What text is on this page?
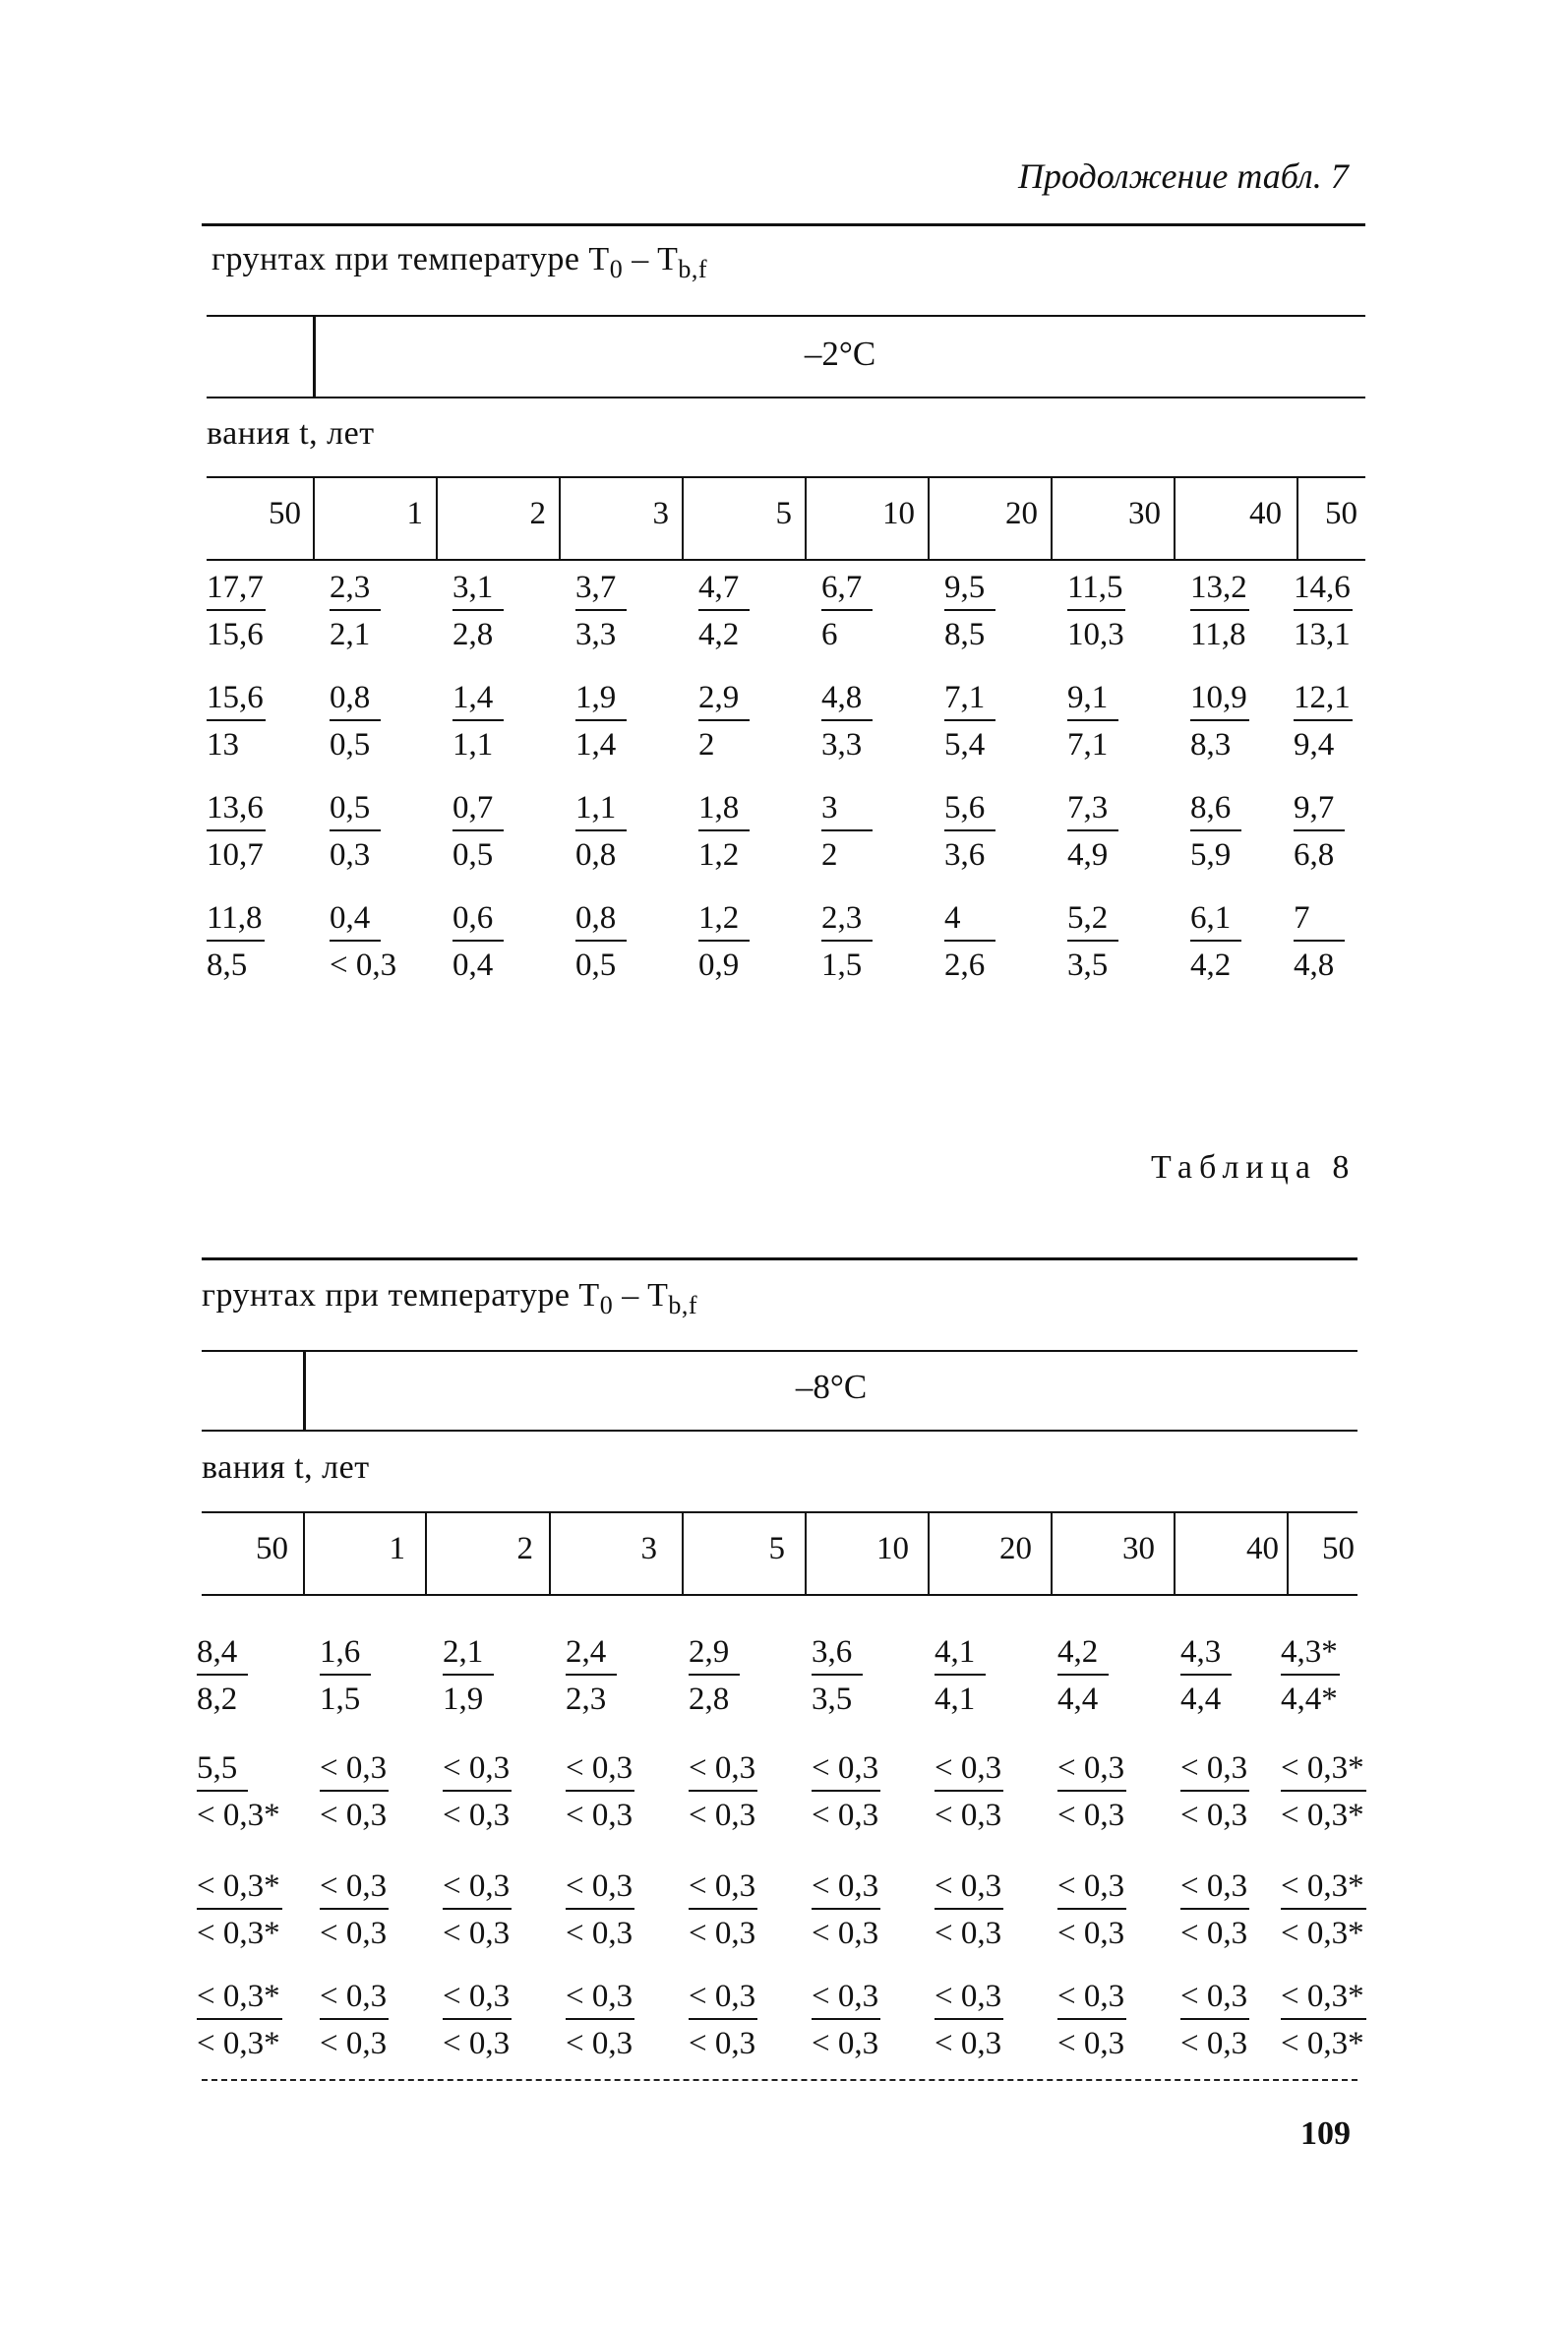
Продолжение табл. 7
грунтах при температуре $T_0 - T_{b,f}$
–2°C
вания t, лет
50	1	2	3	5	10	20	30	40	50
$\frac{17,7}{15,6} \frac{2,3}{2,1} \frac{3,1}{2,8} \frac{3,7}{3,3} \frac{4,7}{4,2} \frac{6,7}{6} \frac{9,5}{8,5} \frac{11,5}{10,3} \frac{13,2}{11,8} \frac{14,6}{13,1}$
$\frac{15,6}{13} \frac{0,8}{0,5} \frac{1,4}{1,1} \frac{1,9}{1,4} \frac{2,9}{2} \frac{4,8}{3,3} \frac{7,1}{5,4} \frac{9,1}{7,1} \frac{10,9}{8,3} \frac{12,1}{9,4}$
$\frac{13,6}{10,7} \frac{0,5}{0,3} \frac{0,7}{0,5} \frac{1,1}{0,8} \frac{1,8}{1,2} \frac{3}{2} \frac{5,6}{3,6} \frac{7,3}{4,9} \frac{8,6}{5,9} \frac{9,7}{6,8}$
$\frac{11,8}{8,5} \frac{0,4}{< 0,3} \frac{0,6}{0,4} \frac{0,8}{0,5} \frac{1,2}{0,9} \frac{2,3}{1,5} \frac{4}{2,6} \frac{5,2}{3,5} \frac{6,1}{4,2} \frac{7}{4,8}$
Таблица 8
грунтах при температуре $T_0 - T_{b,f}$
–8°C
вания t, лет
50	1	2	3	5	10	20	30	40	50
$\frac{8,4}{8,2} \frac{1,6}{1,5} \frac{2,1}{1,9} \frac{2,4}{2,3} \frac{2,9}{2,8} \frac{3,6}{3,5} \frac{4,1}{4,1} \frac{4,2}{4,4} \frac{4,3}{4,4} \frac{4,3*}{4,4*}$
$\frac{5,5}{< 0,3*} \frac{< 0,3}{< 0,3} \frac{< 0,3}{< 0,3} \frac{< 0,3}{< 0,3} \frac{< 0,3}{< 0,3} \frac{< 0,3}{< 0,3} \frac{< 0,3}{< 0,3} \frac{< 0,3}{< 0,3} \frac{< 0,3}{< 0,3} \frac{< 0,3*}{< 0,3*}$
$\frac{< 0,3*}{< 0,3*} \frac{< 0,3}{< 0,3} \frac{< 0,3}{< 0,3} \frac{< 0,3}{< 0,3} \frac{< 0,3}{< 0,3} \frac{< 0,3}{< 0,3} \frac{< 0,3}{< 0,3} \frac{< 0,3}{< 0,3} \frac{< 0,3}{< 0,3} \frac{< 0,3*}{< 0,3*}$
$\frac{< 0,3*}{< 0,3*} \frac{< 0,3}{< 0,3} \frac{< 0,3}{< 0,3} \frac{< 0,3}{< 0,3} \frac{< 0,3}{< 0,3} \frac{< 0,3}{< 0,3} \frac{< 0,3}{< 0,3} \frac{< 0,3}{< 0,3} \frac{< 0,3}{< 0,3} \frac{< 0,3*}{< 0,3*}$
109
